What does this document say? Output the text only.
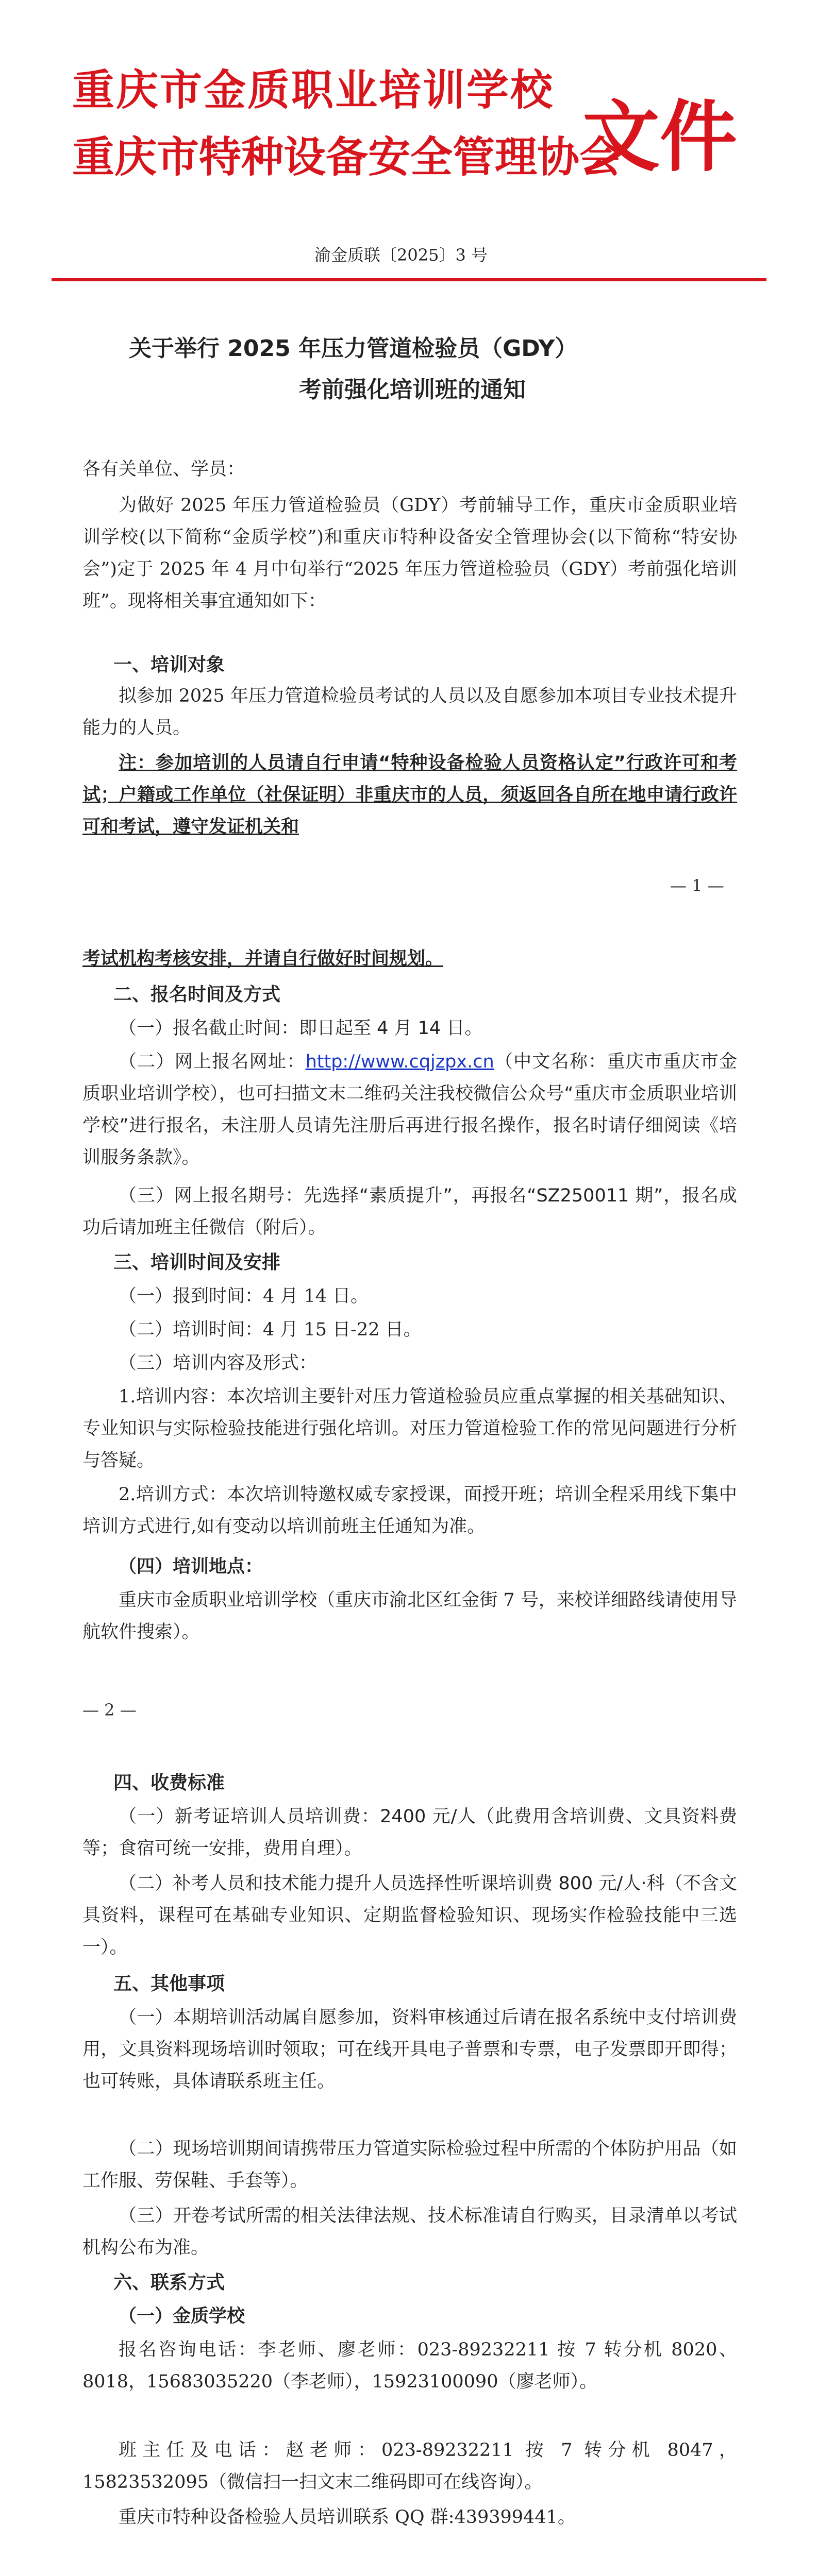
重庆市金质职业培训学校
重庆市特种设备安全管理协会
文件
渝金质联〔2025〕3 号
关于举行 2025 年压力管道检验员（GDY）
考前强化培训班的通知
各有关单位、学员：
为做好 2025 年压力管道检验员（GDY）考前辅导工作，重庆市金质职业培训学校(以下简称“金质学校”)和重庆市特种设备安全管理协会(以下简称“特安协会”)定于 2025 年 4 月中旬举行“2025 年压力管道检验员（GDY）考前强化培训班”。现将相关事宜通知如下：
一、培训对象
拟参加 2025 年压力管道检验员考试的人员以及自愿参加本项目专业技术提升能力的人员。
注：参加培训的人员请自行申请“特种设备检验人员资格认定”行政许可和考试；户籍或工作单位（社保证明）非重庆市的人员，须返回各自所在地申请行政许可和考试，遵守发证机关和
— 1 —
考试机构考核安排，并请自行做好时间规划。
二、报名时间及方式
（一）报名截止时间：即日起至 4 月 14 日。
（二）网上报名网址：http://www.cqjzpx.cn（中文名称：重庆市重庆市金质职业培训学校），也可扫描文末二维码关注我校微信公众号“重庆市金质职业培训学校”进行报名，未注册人员请先注册后再进行报名操作，报名时请仔细阅读《培训服务条款》。
（三）网上报名期号：先选择“素质提升”，再报名“SZ250011 期”，报名成功后请加班主任微信（附后）。
三、培训时间及安排
（一）报到时间：4 月 14 日。
（二）培训时间：4 月 15 日-22 日。
（三）培训内容及形式：
1.培训内容：本次培训主要针对压力管道检验员应重点掌握的相关基础知识、专业知识与实际检验技能进行强化培训。对压力管道检验工作的常见问题进行分析与答疑。
2.培训方式：本次培训特邀权威专家授课，面授开班；培训全程采用线下集中培训方式进行,如有变动以培训前班主任通知为准。
（四）培训地点：
重庆市金质职业培训学校（重庆市渝北区红金街 7 号，来校详细路线请使用导航软件搜索）。
— 2 —
四、收费标准
（一）新考证培训人员培训费：2400 元/人（此费用含培训费、文具资料费等；食宿可统一安排，费用自理）。
（二）补考人员和技术能力提升人员选择性听课培训费 800 元/人·科（不含文具资料，课程可在基础专业知识、定期监督检验知识、现场实作检验技能中三选一）。
五、其他事项
（一）本期培训活动属自愿参加，资料审核通过后请在报名系统中支付培训费用，文具资料现场培训时领取；可在线开具电子普票和专票，电子发票即开即得；也可转账，具体请联系班主任。
（二）现场培训期间请携带压力管道实际检验过程中所需的个体防护用品（如工作服、劳保鞋、手套等）。
（三）开卷考试所需的相关法律法规、技术标准请自行购买，目录清单以考试机构公布为准。
六、联系方式
（一）金质学校
报名咨询电话：李老师、廖老师：023-89232211 按 7 转分机 8020、8018，15683035220（李老师），15923100090（廖老师）。
班主任及电话：赵老师：023-89232211 按 7 转分机 8047，15823532095（微信扫一扫文末二维码即可在线咨询）。
重庆市特种设备检验人员培训联系 QQ 群:439399441。
